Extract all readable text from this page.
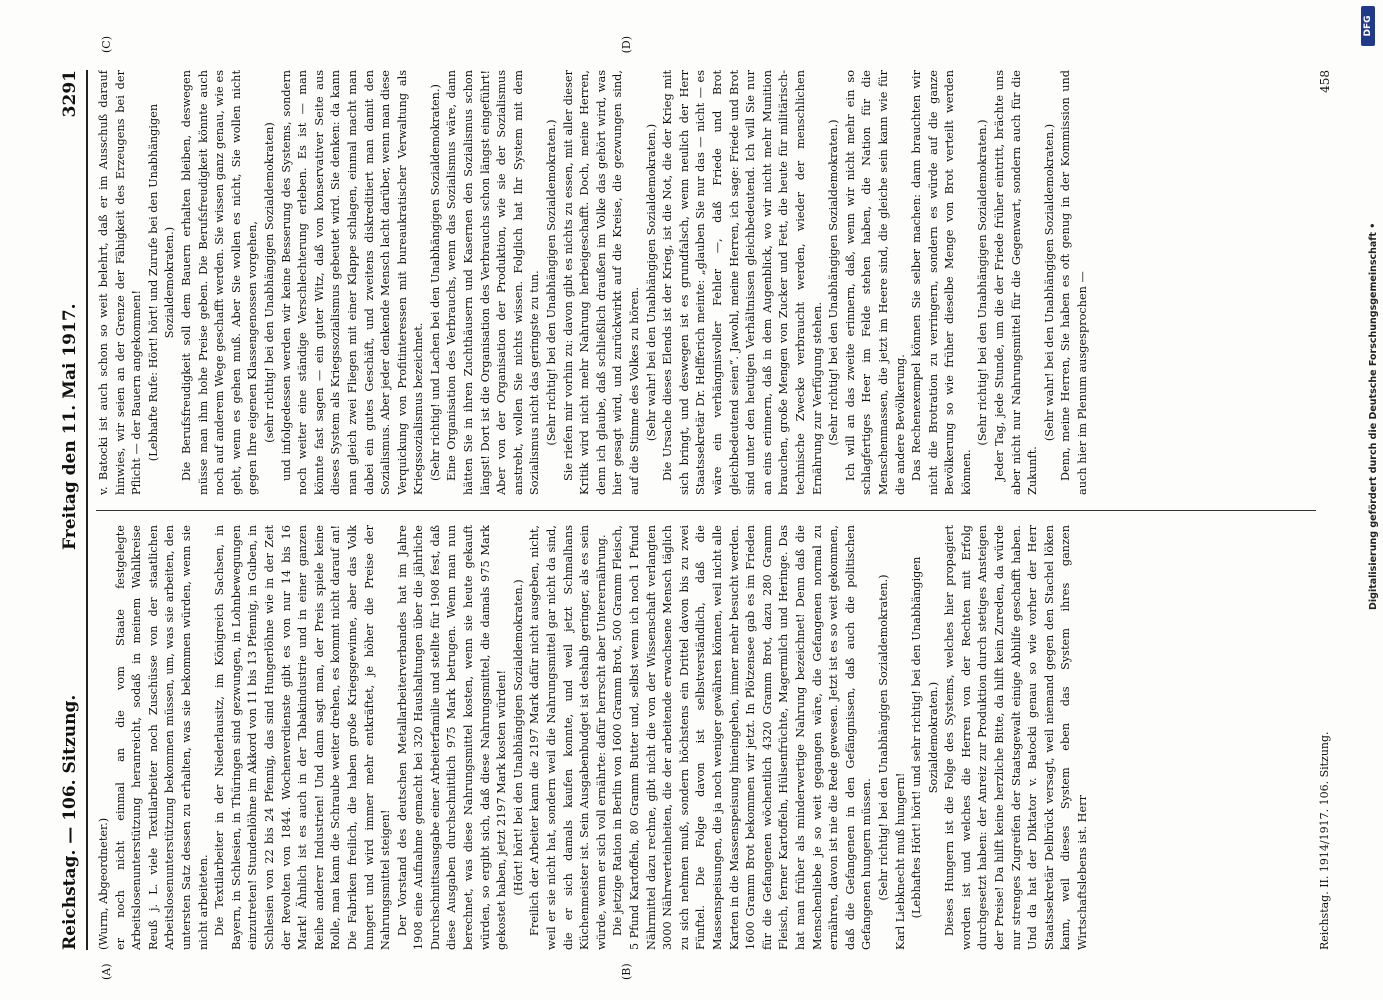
Reichstag. — 106. Sitzung.
Freitag den 11. Mai 1917.
3291
(A)	(B)
(C)	(D)

(Wurm, Abgeordneter.) er noch nicht einmal an die vom Staate festgelegte Arbeitslosenunterstützung heranreicht, sodaß in meinem Wahlkreise Reuß j. L. viele Textilarbeiter noch Zuschüsse von der staatlichen Arbeitslosenunterstützung bekommen müssen, um, was sie arbeiten, den untersten Satz dessen zu erhalten, was sie bekommen würden, wenn sie nicht arbeiteten. Die Textilarbeiter in der Niederlausitz, im Königreich Sachsen, in Bayern, in Schlesien, in Thüringen sind gezwungen, in Lohnbewegungen einzutreten! Stundenlöhne im Akkord von 11 bis 13 Pfennig, in Guben, in Schlesien von 22 bis 24 Pfennig, das sind Hungerlöhne wie in der Zeit der Revolten von 1844. Wochenverdienste gibt es von nur 14 bis 16 Mark! Ähnlich ist es auch in der Tabakindustrie und in einer ganzen Reihe anderer Industrien! Und dann sagt man, der Preis spiele keine Rolle, man kann die Schraube weiter drehen, es kommt nicht darauf an! Die Fabriken freilich, die haben große Kriegsgewinne, aber das Volk hungert und wird immer mehr entkräftet, je höher die Preise der Nahrungsmittel steigen! Der Vorstand des deutschen Metallarbeiterverbandes hat im Jahre 1908 eine Aufnahme gemacht bei 320 Haushaltungen über die jährliche Durchschnittsausgabe einer Arbeiterfamilie und stellte für 1908 fest, daß diese Ausgaben durchschnittlich 975 Mark betrugen. Wenn man nun berechnet, was diese Nahrungsmittel kosten, wenn sie heute gekauft würden, so ergibt sich, daß diese Nahrungsmittel, die damals 975 Mark gekostet haben, jetzt 2197 Mark kosten würden! (Hört! hört! bei den Unabhängigen Sozialdemokraten.) Freilich der Arbeiter kann die 2197 Mark dafür nicht ausgeben, nicht, weil er sie nicht hat, sondern weil die Nahrungsmittel gar nicht da sind, die er sich damals kaufen konnte, und weil jetzt Schmalhans Küchenmeister ist. Sein Ausgabenbudget ist deshalb geringer, als es sein würde, wenn er sich voll ernährte: dafür herrscht aber Unterernährung. Die jetzige Ration in Berlin von 1600 Gramm Brot, 500 Gramm Fleisch, 5 Pfund Kartoffeln, 80 Gramm Butter und, selbst wenn ich noch 1 Pfund Nährmittel dazu rechne, gibt nicht die von der Wissenschaft verlangten 3000 Nährwerteinheiten, die der arbeitende erwachsene Mensch täglich zu sich nehmen muß, sondern höchstens ein Drittel davon bis zu zwei Fünftel. Die Folge davon ist selbstverständlich, daß die Massenspeisungen, die ja noch weniger gewähren können, weil nicht alle Karten in die Massenspeisung hineingehen, immer mehr besucht werden. 1600 Gramm Brot bekommen wir jetzt. In Plötzensee gab es im Frieden für die Gefangenen wöchentlich 4320 Gramm Brot, dazu 280 Gramm Fleisch, ferner Kartoffeln, Hülsenfrüchte, Magermilch und Heringe. Das hat man früher als minderwertige Nahrung bezeichnet! Denn daß die Menschenliebe je so weit gegangen wäre, die Gefangenen normal zu ernähren, davon ist nie die Rede gewesen. Jetzt ist es so weit gekommen, daß die Gefangenen in den Gefängnissen, daß auch die politischen Gefangenen hungern müssen. (Sehr richtig! bei den Unabhängigen Sozialdemokraten.) Karl Liebknecht muß hungern! (Lebhaftes Hört! hört! und sehr richtig! bei den Unabhängigen Sozialdemokraten.) Dieses Hungern ist die Folge des Systems, welches hier propagiert worden ist und welches die Herren von der Rechten mit Erfolg durchgesetzt haben: der Anreiz zur Produktion durch stetiges Ansteigen der Preise! Da hilft keine herzliche Bitte, da hilft kein Zureden, da würde nur strenges Zugreifen der Staatsgewalt einige Abhilfe geschafft haben. Und da hat der Diktator v. Batocki genau so wie vorher der Herr Staatssekretär Delbrück versagt, weil niemand gegen den Stachel löken kann, weil dieses System eben das System ihres ganzen Wirtschaftslebens ist. Herr

v. Batocki ist auch schon so weit belehrt, daß er im Ausschuß darauf hinwies, wir seien an der Grenze der Fähigkeit des Erzeugens bei der Pflicht — der Bauern angekommen! (Lebhafte Rufe: Hört! hört! und Zurufe bei den Unabhängigen Sozialdemokraten.) Die Berufsfreudigkeit soll dem Bauern erhalten bleiben, deswegen müsse man ihm hohe Preise geben. Die Berufsfreudigkeit könnte auch noch auf anderem Wege geschafft werden. Sie wissen ganz genau, wie es geht, wenn es gehen muß. Aber Sie wollen es nicht, Sie wollen nicht gegen Ihre eigenen Klassengenossen vorgehen, (sehr richtig! bei den Unabhängigen Sozialdemokraten) und infolgedessen werden wir keine Besserung des Systems, sondern noch weiter eine ständige Verschlechterung erleben. Es ist — man könnte fast sagen — ein guter Witz, daß von konservativer Seite aus dieses System als Kriegssozialismus gebeutet wird. Sie denken: da kann man gleich zwei Fliegen mit einer Klappe schlagen, einmal macht man dabei ein gutes Geschäft, und zweitens diskreditiert man damit den Sozialismus. Aber jeder denkende Mensch lacht darüber, wenn man diese Verquickung von Profitinteressen mit bureaukratischer Verwaltung als Kriegssozialismus bezeichnet. (Sehr richtig! und Lachen bei den Unabhängigen Sozialdemokraten.) Eine Organisation des Verbrauchs, wenn das Sozialismus wäre, dann hätten Sie in ihren Zuchthäusern und Kasernen den Sozialismus schon längst! Dort ist die Organisation des Verbrauchs schon längst eingeführt! Aber von der Organisation der Produktion, wie sie der Sozialismus anstrebt, wollen Sie nichts wissen. Folglich hat Ihr System mit dem Sozialismus nicht das geringste zu tun. (Sehr richtig! bei den Unabhängigen Sozialdemokraten.) Sie riefen mir vorhin zu: davon gibt es nichts zu essen, mit aller dieser Kritik wird nicht mehr Nahrung herbeigeschafft. Doch, meine Herren, denn ich glaube, daß schließlich draußen im Volke das gehört wird, was hier gesagt wird, und zurückwirkt auf die Kreise, die gezwungen sind, auf die Stimme des Volkes zu hören. (Sehr wahr! bei den Unabhängigen Sozialdemokraten.) Die Ursache dieses Elends ist der Krieg, ist die Not, die der Krieg mit sich bringt, und deswegen ist es grundfalsch, wenn neulich der Herr Staatssekretär Dr. Helfferich meinte: „glauben Sie nur das — nicht — es wäre ein verhängnisvoller Fehler —, daß Friede und Brot gleichbedeutend seien“. Jawohl, meine Herren, ich sage: Friede und Brot sind unter den heutigen Verhältnissen gleichbedeutend. Ich will Sie nur an eins erinnern, daß in dem Augenblick, wo wir nicht mehr Munition brauchen, große Mengen von Zucker und Fett, die heute für militärisch-technische Zwecke verbraucht werden, wieder der menschlichen Ernährung zur Verfügung stehen. (Sehr richtig! bei den Unabhängigen Sozialdemokraten.) Ich will an das zweite erinnern, daß, wenn wir nicht mehr ein so schlagfertiges Heer im Felde stehen haben, die Nation für die Menschenmassen, die jetzt im Heere sind, die gleiche sein kann wie für die andere Bevölkerung. Das Rechenexempel können Sie selber machen: dann brauchten wir nicht die Brotration zu verringern, sondern es würde auf die ganze Bevölkerung so wie früher dieselbe Menge von Brot verteilt werden können.

(Sehr richtig! bei den Unabhängigen Sozialdemokraten.) Jeder Tag, jede Stunde, um die der Friede früher eintritt, brächte uns aber nicht nur Nahrungsmittel für die Gegenwart, sondern auch für die Zukunft.

(Sehr wahr! bei den Unabhängigen Sozialdemokraten.) Denn, meine Herren, Sie haben es oft genug in der Kommission und auch hier im Plenum ausgesprochen —

Reichstag. II. 1914/1917. 106. Sitzung.
458
DFG
Digitalisierung gefördert durch die Deutsche Forschungsgemeinschaft •
